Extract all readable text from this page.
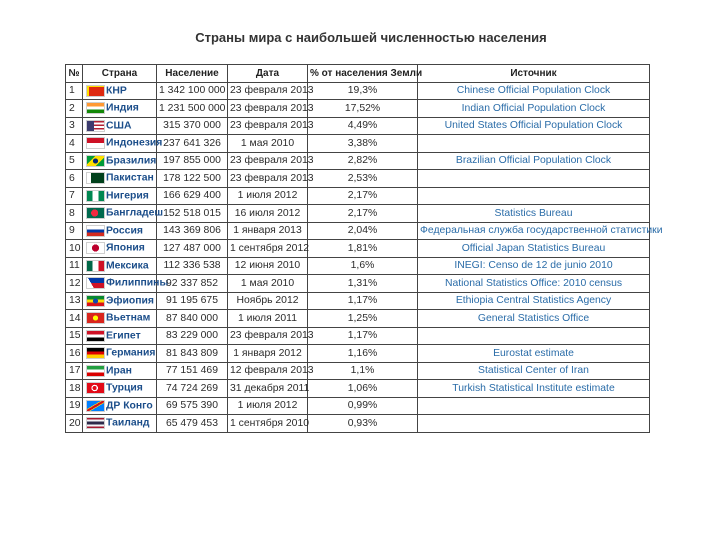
Страны мира с наибольшей численностью населения
№	Страна	Население	Дата	% от населения Земли	Источник
1	КНР	1 342 100 000	23 февраля 2013	19,3%	Chinese Official Population Clock
2	Индия	1 231 500 000	23 февраля 2013	17,52%	Indian Official Population Clock
3	США	315 370 000	23 февраля 2013	4,49%	United States Official Population Clock
4	Индонезия	237 641 326	1 мая 2010	3,38%	
5	Бразилия	197 855 000	23 февраля 2013	2,82%	Brazilian Official Population Clock
6	Пакистан	178 122 500	23 февраля 2013	2,53%	
7	Нигерия	166 629 400	1 июля 2012	2,17%	
8	Бангладеш	152 518 015	16 июля 2012	2,17%	Statistics Bureau
9	Россия	143 369 806	1 января 2013	2,04%	Федеральная служба государственной статистики
10	Япония	127 487 000	1 сентября 2012	1,81%	Official Japan Statistics Bureau
11	Мексика	112 336 538	12 июня 2010	1,6%	INEGI: Censo de 12 de junio 2010
12	Филиппины	92 337 852	1 мая 2010	1,31%	National Statistics Office: 2010 census
13	Эфиопия	91 195 675	Ноябрь 2012	1,17%	Ethiopia Central Statistics Agency
14	Вьетнам	87 840 000	1 июля 2011	1,25%	General Statistics Office
15	Египет	83 229 000	23 февраля 2013	1,17%	
16	Германия	81 843 809	1 января 2012	1,16%	Eurostat estimate
17	Иран	77 151 469	12 февраля 2013	1,1%	Statistical Center of Iran
18	Турция	74 724 269	31 декабря 2011	1,06%	Turkish Statistical Institute estimate
19	ДР Конго	69 575 390	1 июля 2012	0,99%	
20	Таиланд	65 479 453	1 сентября 2010	0,93%	
